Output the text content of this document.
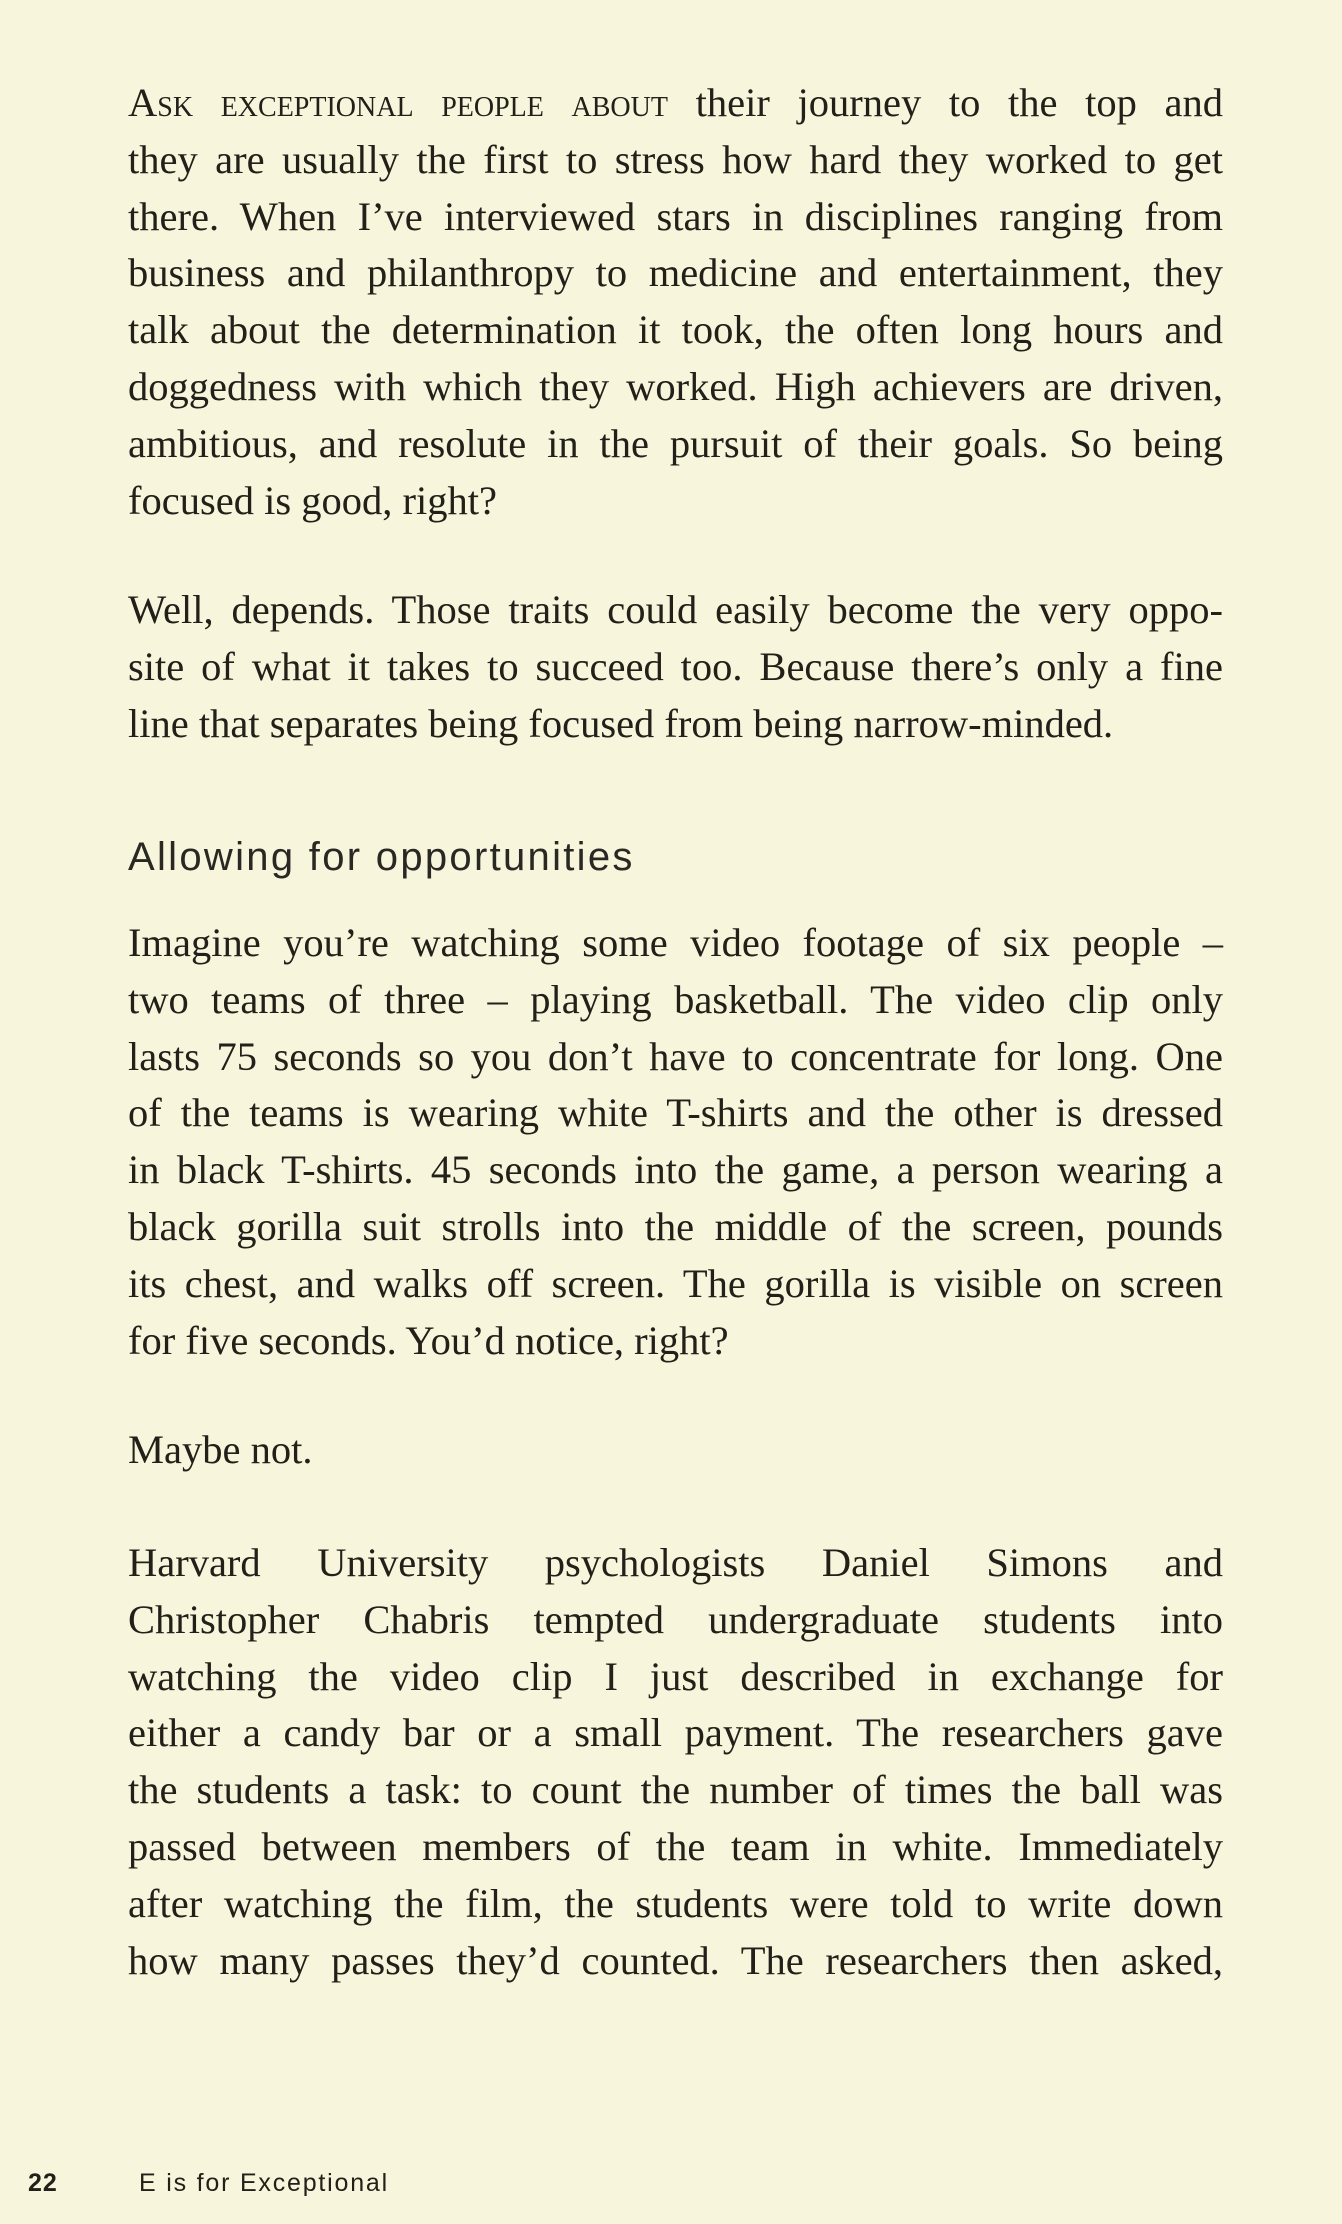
Ask exceptional people about their journey to the top and
they are usually the first to stress how hard they worked to get
there. When I’ve interviewed stars in disciplines ranging from
business and philanthropy to medicine and entertainment, they
talk about the determination it took, the often long hours and
doggedness with which they worked. High achievers are driven,
ambitious, and resolute in the pursuit of their goals. So being
focused is good, right?

Well, depends. Those traits could easily become the very oppo-
site of what it takes to succeed too. Because there’s only a fine
line that separates being focused from being narrow-minded.

Allowing for opportunities

Imagine you’re watching some video footage of six people –
two teams of three – playing basketball. The video clip only
lasts 75 seconds so you don’t have to concentrate for long. One
of the teams is wearing white T-shirts and the other is dressed
in black T-shirts. 45 seconds into the game, a person wearing a
black gorilla suit strolls into the middle of the screen, pounds
its chest, and walks off screen. The gorilla is visible on screen
for five seconds. You’d notice, right?

Maybe not.

Harvard University psychologists Daniel Simons and
Christopher Chabris tempted undergraduate students into
watching the video clip I just described in exchange for
either a candy bar or a small payment. The researchers gave
the students a task: to count the number of times the ball was
passed between members of the team in white. Immediately
after watching the film, the students were told to write down
how many passes they’d counted. The researchers then asked,

22	E is for Exceptional
